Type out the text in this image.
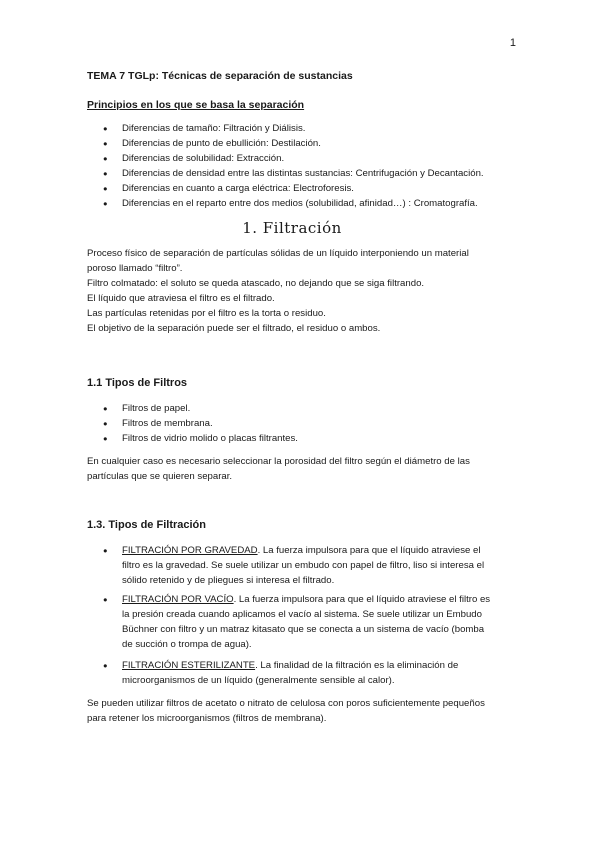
1
TEMA 7 TGLp: Técnicas de separación de sustancias
Principios en los que se basa la separación
● Diferencias de tamaño: Filtración y Diálisis.
● Diferencias de punto de ebullición: Destilación.
● Diferencias de solubilidad: Extracción.
● Diferencias de densidad entre las distintas sustancias: Centrifugación y Decantación.
● Diferencias en cuanto a carga eléctrica: Electroforesis.
● Diferencias en el reparto entre dos medios (solubilidad, afinidad…) : Cromatografía.
1. Filtración

Proceso físico de separación de partículas sólidas de un líquido interponiendo un material poroso llamado “filtro”.

Filtro colmatado: el soluto se queda atascado, no dejando que se siga filtrando.

El líquido que atraviesa el filtro es el filtrado.

Las partículas retenidas por el filtro es la torta o residuo.

El objetivo de la separación puede ser el filtrado, el residuo o ambos.

1.1 Tipos de Filtros
● Filtros de papel.
● Filtros de membrana.
● Filtros de vidrio molido o placas filtrantes.
En cualquier caso es necesario seleccionar la porosidad del filtro según el diámetro de las partículas que se quieren separar.
1.3. Tipos de Filtración
● FILTRACIÓN POR GRAVEDAD. La fuerza impulsora para que el líquido atraviese el filtro es la gravedad. Se suele utilizar un embudo con papel de filtro, liso si interesa el sólido retenido y de pliegues si interesa el filtrado.
● FILTRACIÓN POR VACÍO. La fuerza impulsora para que el líquido atraviese el filtro es la presión creada cuando aplicamos el vacío al sistema. Se suele utilizar un Embudo Büchner con filtro y un matraz kitasato que se conecta a un sistema de vacío (bomba de succión o trompa de agua).
● FILTRACIÓN ESTERILIZANTE. La finalidad de la filtración es la eliminación de microorganismos de un líquido (generalmente sensible al calor).
Se pueden utilizar filtros de acetato o nitrato de celulosa con poros suficientemente pequeños para retener los microorganismos (filtros de membrana).
